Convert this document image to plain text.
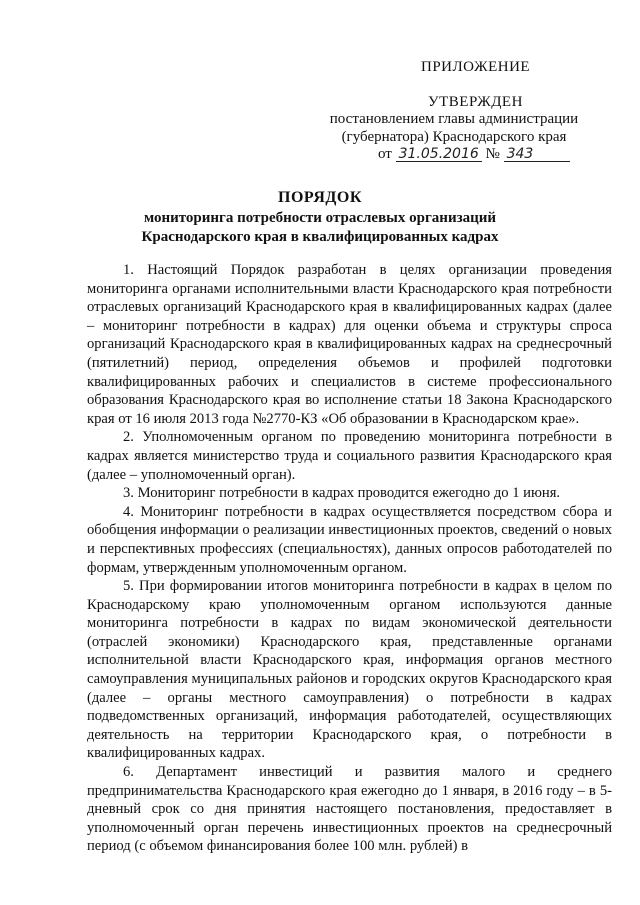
ПРИЛОЖЕНИЕ
УТВЕРЖДЕН
постановлением главы администрации
(губернатора) Краснодарского края
от 31.05.2016 № 343
ПОРЯДОК
мониторинга потребности отраслевых организаций
Краснодарского края в квалифицированных кадрах

1. Настоящий Порядок разработан в целях организации проведения мониторинга органами исполнительными власти Краснодарского края потребности отраслевых организаций Краснодарского края в квалифицированных кадрах (далее – мониторинг потребности в кадрах) для оценки объема и структуры спроса организаций Краснодарского края в квалифицированных кадрах на среднесрочный (пятилетний) период, определения объемов и профилей подготовки квалифицированных рабочих и специалистов в системе профессионального образования Краснодарского края во исполнение статьи 18 Закона Краснодарского края от 16 июля 2013 года №2770-КЗ «Об образовании в Краснодарском крае».

2. Уполномоченным органом по проведению мониторинга потребности в кадрах является министерство труда и социального развития Краснодарского края (далее – уполномоченный орган).

3. Мониторинг потребности в кадрах проводится ежегодно до 1 июня.

4. Мониторинг потребности в кадрах осуществляется посредством сбора и обобщения информации о реализации инвестиционных проектов, сведений о новых и перспективных профессиях (специальностях), данных опросов работодателей по формам, утвержденным уполномоченным органом.

5. При формировании итогов мониторинга потребности в кадрах в целом по Краснодарскому краю уполномоченным органом используются данные мониторинга потребности в кадрах по видам экономической деятельности (отраслей экономики) Краснодарского края, представленные органами исполнительной власти Краснодарского края, информация органов местного самоуправления муниципальных районов и городских округов Краснодарского края (далее – органы местного самоуправления) о потребности в кадрах подведомственных организаций, информация работодателей, осуществляющих деятельность на территории Краснодарского края, о потребности в квалифицированных кадрах.

6. Департамент инвестиций и развития малого и среднего предпринимательства Краснодарского края ежегодно до 1 января, в 2016 году – в 5-дневный срок со дня принятия настоящего постановления, предоставляет в уполномоченный орган перечень инвестиционных проектов на среднесрочный период (с объемом финансирования более 100 млн. рублей) в
